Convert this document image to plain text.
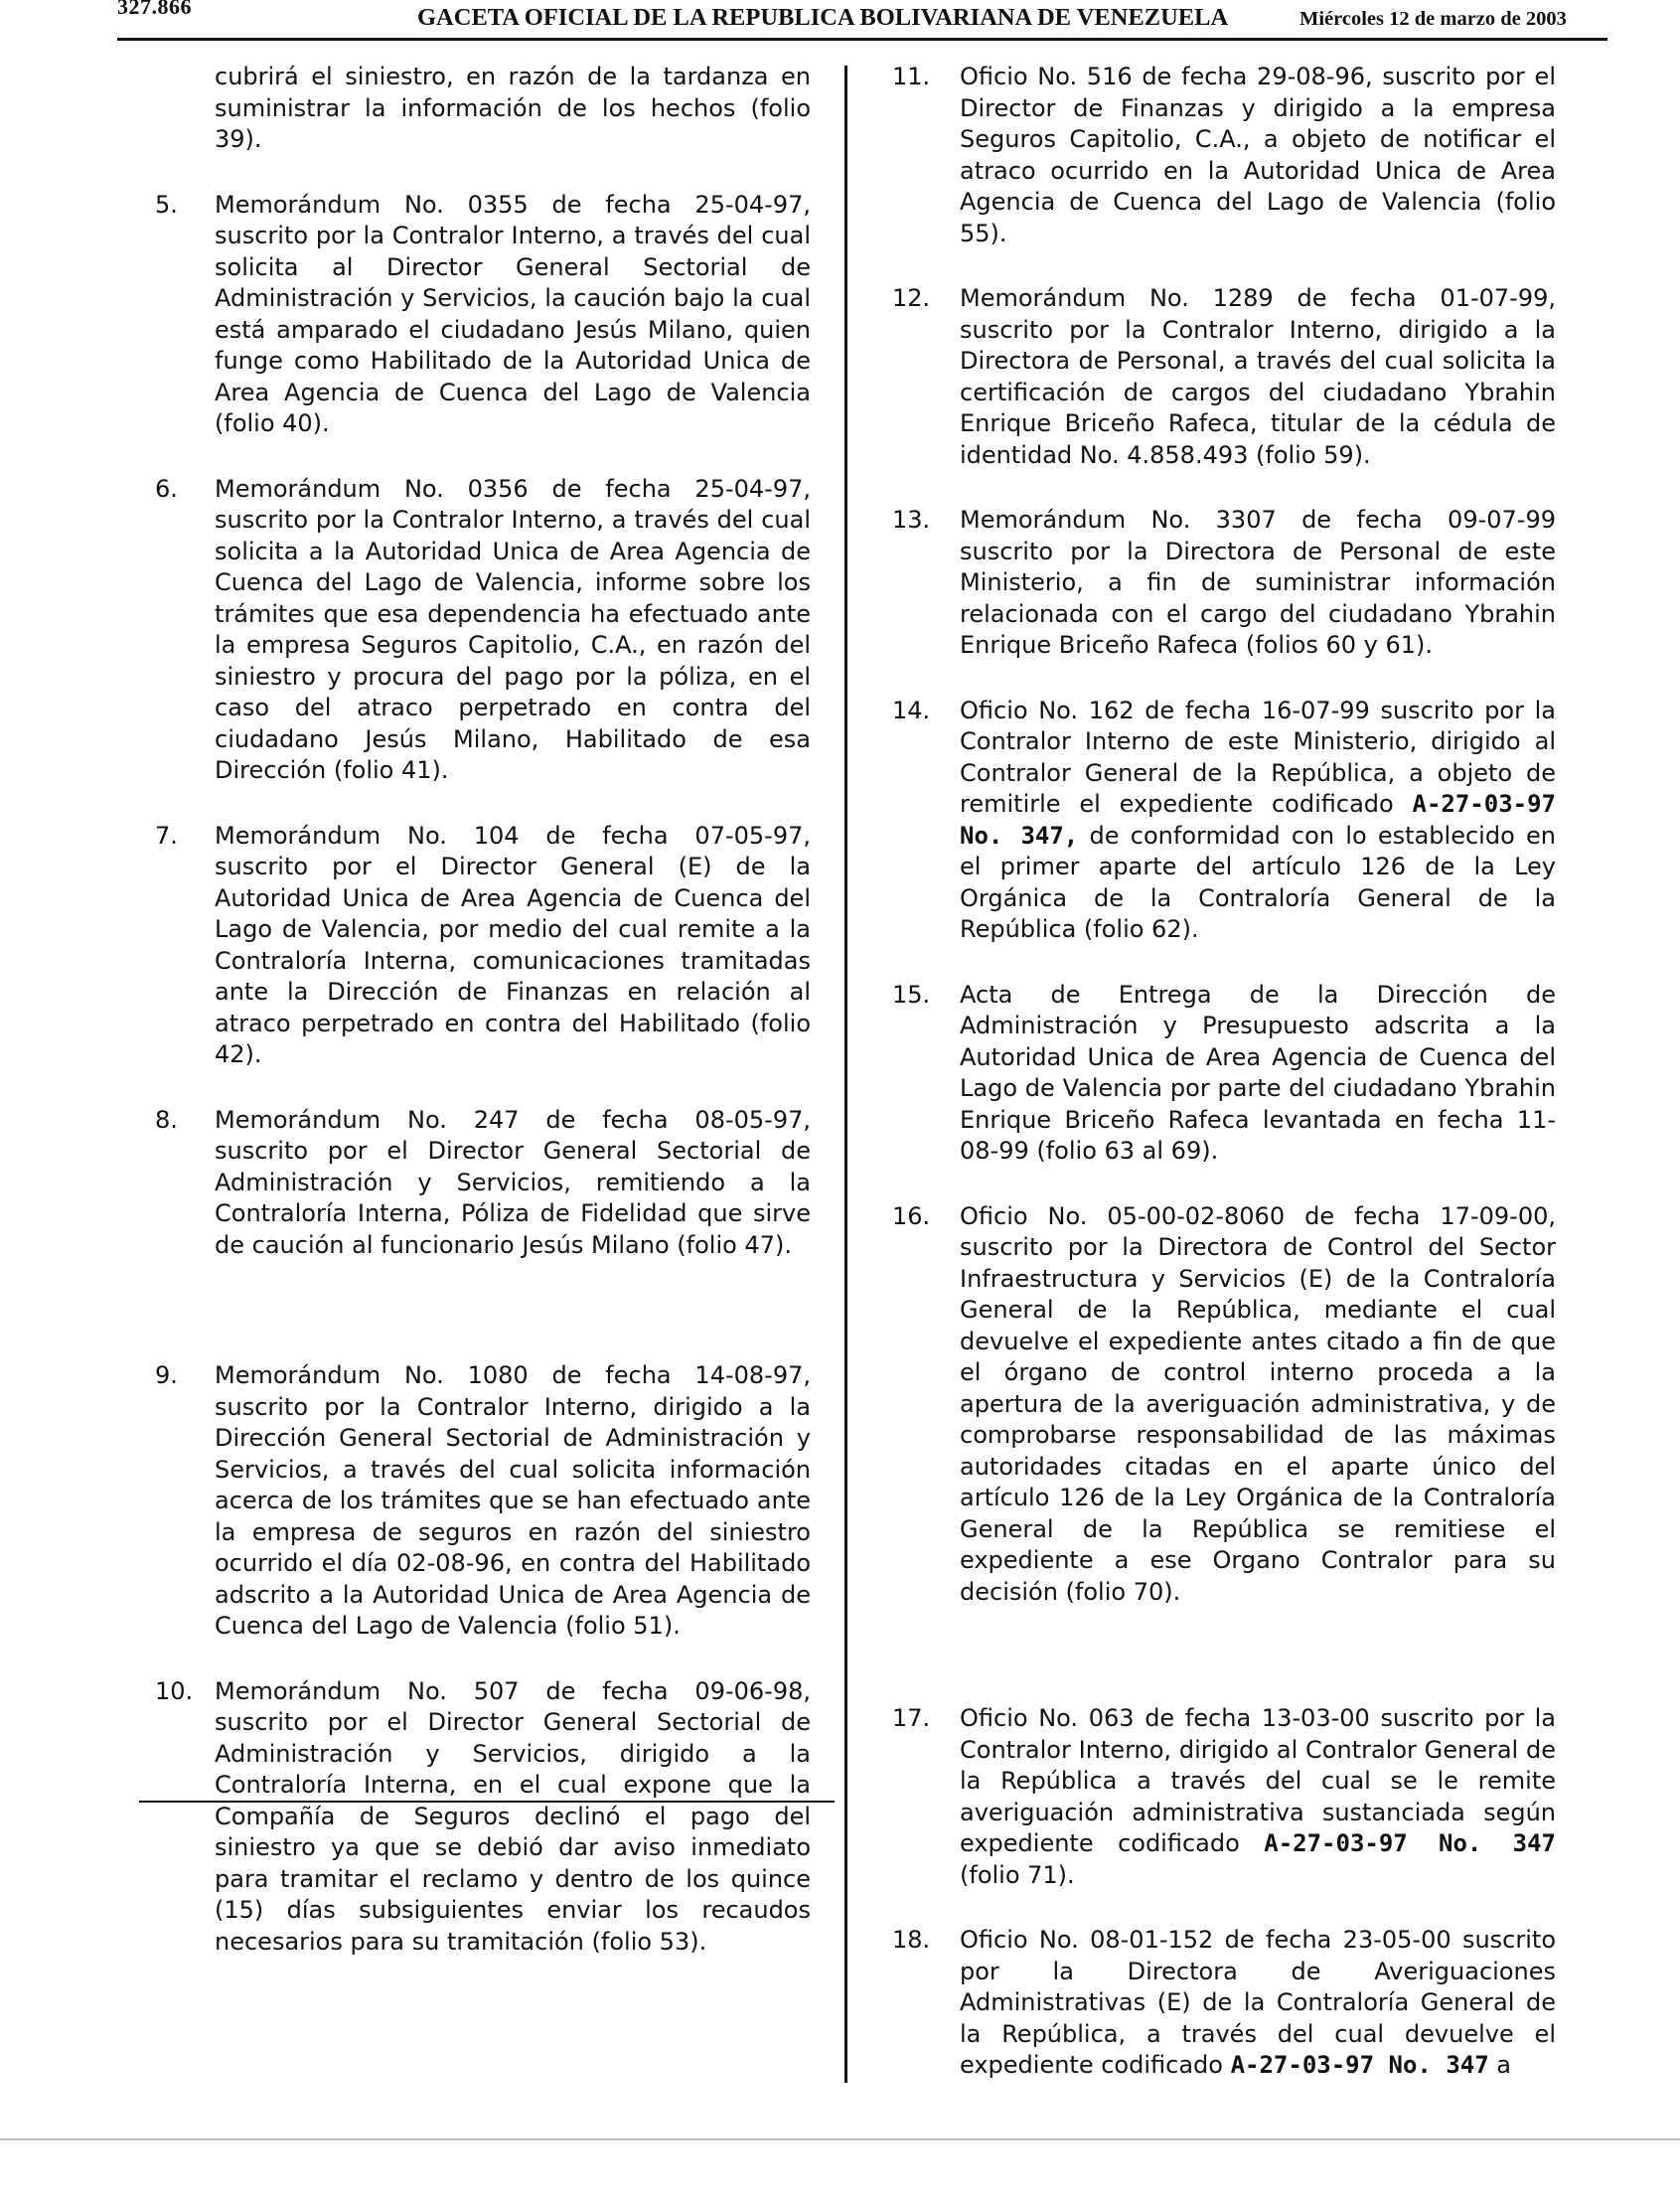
327.866	GACETA OFICIAL DE LA REPUBLICA BOLIVARIANA DE VENEZUELA	Miércoles 12 de marzo de 2003
cubrirá el siniestro, en razón de la tardanza en suministrar la información de los hechos (folio 39).
5.	Memorándum No. 0355 de fecha 25-04-97, suscrito por la Contralor Interno, a través del cual solicita al Director General Sectorial de Administración y Servicios, la caución bajo la cual está amparado el ciudadano Jesús Milano, quien funge como Habilitado de la Autoridad Unica de Area Agencia de Cuenca del Lago de Valencia (folio 40).
6.	Memorándum No. 0356 de fecha 25-04-97, suscrito por la Contralor Interno, a través del cual solicita a la Autoridad Unica de Area Agencia de Cuenca del Lago de Valencia, informe sobre los trámites que esa dependencia ha efectuado ante la empresa Seguros Capitolio, C.A., en razón del siniestro y procura del pago por la póliza, en el caso del atraco perpetrado en contra del ciudadano Jesús Milano, Habilitado de esa Dirección (folio 41).
7.	Memorándum No. 104 de fecha 07-05-97, suscrito por el Director General (E) de la Autoridad Unica de Area Agencia de Cuenca del Lago de Valencia, por medio del cual remite a la Contraloría Interna, comunicaciones tramitadas ante la Dirección de Finanzas en relación al atraco perpetrado en contra del Habilitado (folio 42).
8.	Memorándum No. 247 de fecha 08-05-97, suscrito por el Director General Sectorial de Administración y Servicios, remitiendo a la Contraloría Interna, Póliza de Fidelidad que sirve de caución al funcionario Jesús Milano (folio 47).
9.	Memorándum No. 1080 de fecha 14-08-97, suscrito por la Contralor Interno, dirigido a la Dirección General Sectorial de Administración y Servicios, a través del cual solicita información acerca de los trámites que se han efectuado ante la empresa de seguros en razón del siniestro ocurrido el día 02-08-96, en contra del Habilitado adscrito a la Autoridad Unica de Area Agencia de Cuenca del Lago de Valencia (folio 51).
10. Memorándum No. 507 de fecha 09-06-98, suscrito por el Director General Sectorial de Administración y Servicios, dirigido a la Contraloría Interna, en el cual expone que la Compañía de Seguros declinó el pago del siniestro ya que se debió dar aviso inmediato para tramitar el reclamo y dentro de los quince (15) días subsiguientes enviar los recaudos necesarios para su tramitación (folio 53).
11.	Oficio No. 516 de fecha 29-08-96, suscrito por el Director de Finanzas y dirigido a la empresa Seguros Capitolio, C.A., a objeto de notificar el atraco ocurrido en la Autoridad Unica de Area Agencia de Cuenca del Lago de Valencia (folio 55).
12.	Memorándum No. 1289 de fecha 01-07-99, suscrito por la Contralor Interno, dirigido a la Directora de Personal, a través del cual solicita la certificación de cargos del ciudadano Ybrahin Enrique Briceño Rafeca, titular de la cédula de identidad No. 4.858.493 (folio 59).
13.	Memorándum No. 3307 de fecha 09-07-99 suscrito por la Directora de Personal de este Ministerio, a fin de suministrar información relacionada con el cargo del ciudadano Ybrahin Enrique Briceño Rafeca (folios 60 y 61).
14.	Oficio No. 162 de fecha 16-07-99 suscrito por la Contralor Interno de este Ministerio, dirigido al Contralor General de la República, a objeto de remitirle el expediente codificado A-27-03-97 No. 347, de conformidad con lo establecido en el primer aparte del artículo 126 de la Ley Orgánica de la Contraloría General de la República (folio 62).
15.	Acta de Entrega de la Dirección de Administración y Presupuesto adscrita a la Autoridad Unica de Area Agencia de Cuenca del Lago de Valencia por parte del ciudadano Ybrahin Enrique Briceño Rafeca levantada en fecha 11-08-99 (folio 63 al 69).
16.	Oficio No. 05-00-02-8060 de fecha 17-09-00, suscrito por la Directora de Control del Sector Infraestructura y Servicios (E) de la Contraloría General de la República, mediante el cual devuelve el expediente antes citado a fin de que el órgano de control interno proceda a la apertura de la averiguación administrativa, y de comprobarse responsabilidad de las máximas autoridades citadas en el aparte único del artículo 126 de la Ley Orgánica de la Contraloría General de la República se remitiese el expediente a ese Organo Contralor para su decisión (folio 70).
17.	Oficio No. 063 de fecha 13-03-00 suscrito por la Contralor Interno, dirigido al Contralor General de la República a través del cual se le remite averiguación administrativa sustanciada según expediente codificado A-27-03-97 No. 347 (folio 71).
18.	Oficio No. 08-01-152 de fecha 23-05-00 suscrito por la Directora de Averiguaciones Administrativas (E) de la Contraloría General de la República, a través del cual devuelve el expediente codificado A-27-03-97 No. 347 a
